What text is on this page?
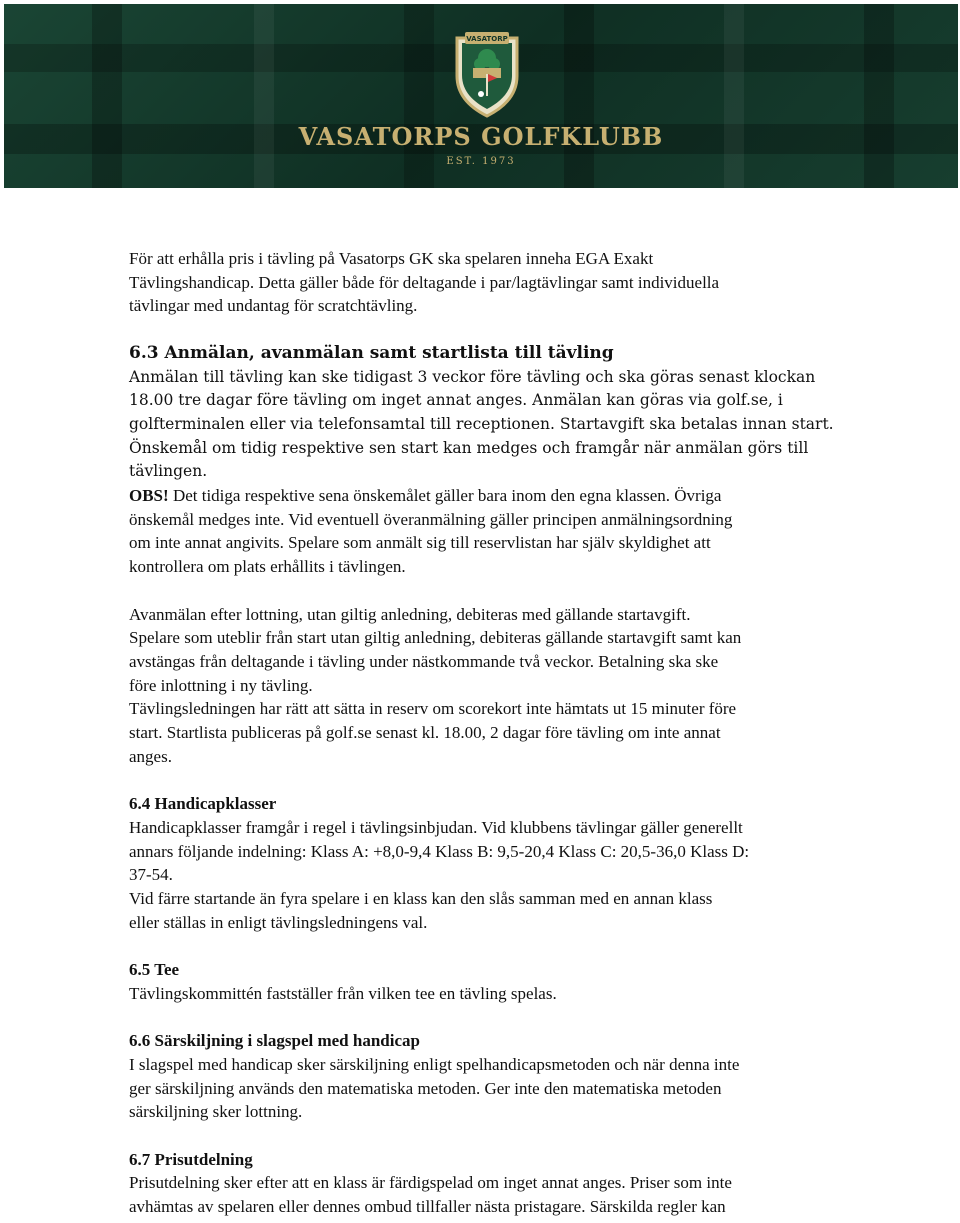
VASATORP
VASATORPS GOLFKLUBB
EST. 1973

För att erhålla pris i tävling på Vasatorps GK ska spelaren inneha EGA Exakt

Tävlingshandicap. Detta gäller både för deltagande i par/lagtävlingar samt individuella

tävlingar med undantag för scratchtävling.

6.3 Anmälan, avanmälan samt startlista till tävling

Anmälan till tävling kan ske tidigast 3 veckor före tävling och ska göras senast klockan

18.00 tre dagar före tävling om inget annat anges. Anmälan kan göras via golf.se, i

golfterminalen eller via telefonsamtal till receptionen. Startavgift ska betalas innan start.

Önskemål om tidig respektive sen start kan medges och framgår när anmälan görs till

tävlingen.

OBS! Det tidiga respektive sena önskemålet gäller bara inom den egna klassen. Övriga

önskemål medges inte. Vid eventuell överanmälning gäller principen anmälningsordning

om inte annat angivits. Spelare som anmält sig till reservlistan har själv skyldighet att

kontrollera om plats erhållits i tävlingen.

Avanmälan efter lottning, utan giltig anledning, debiteras med gällande startavgift.

Spelare som uteblir från start utan giltig anledning, debiteras gällande startavgift samt kan

avstängas från deltagande i tävling under nästkommande två veckor. Betalning ska ske

före inlottning i ny tävling.

Tävlingsledningen har rätt att sätta in reserv om scorekort inte hämtats ut 15 minuter före

start. Startlista publiceras på golf.se senast kl. 18.00, 2 dagar före tävling om inte annat

anges.

6.4 Handicapklasser

Handicapklasser framgår i regel i tävlingsinbjudan. Vid klubbens tävlingar gäller generellt

annars följande indelning: Klass A: +8,0-9,4 Klass B: 9,5-20,4 Klass C: 20,5-36,0 Klass D:

37-54.

Vid färre startande än fyra spelare i en klass kan den slås samman med en annan klass

eller ställas in enligt tävlingsledningens val.

6.5 Tee

Tävlingskommittén fastställer från vilken tee en tävling spelas.

6.6 Särskiljning i slagspel med handicap

I slagspel med handicap sker särskiljning enligt spelhandicapsmetoden och när denna inte

ger särskiljning används den matematiska metoden. Ger inte den matematiska metoden

särskiljning sker lottning.

6.7 Prisutdelning

Prisutdelning sker efter att en klass är färdigspelad om inget annat anges. Priser som inte

avhämtas av spelaren eller dennes ombud tillfaller nästa pristagare. Särskilda regler kan
